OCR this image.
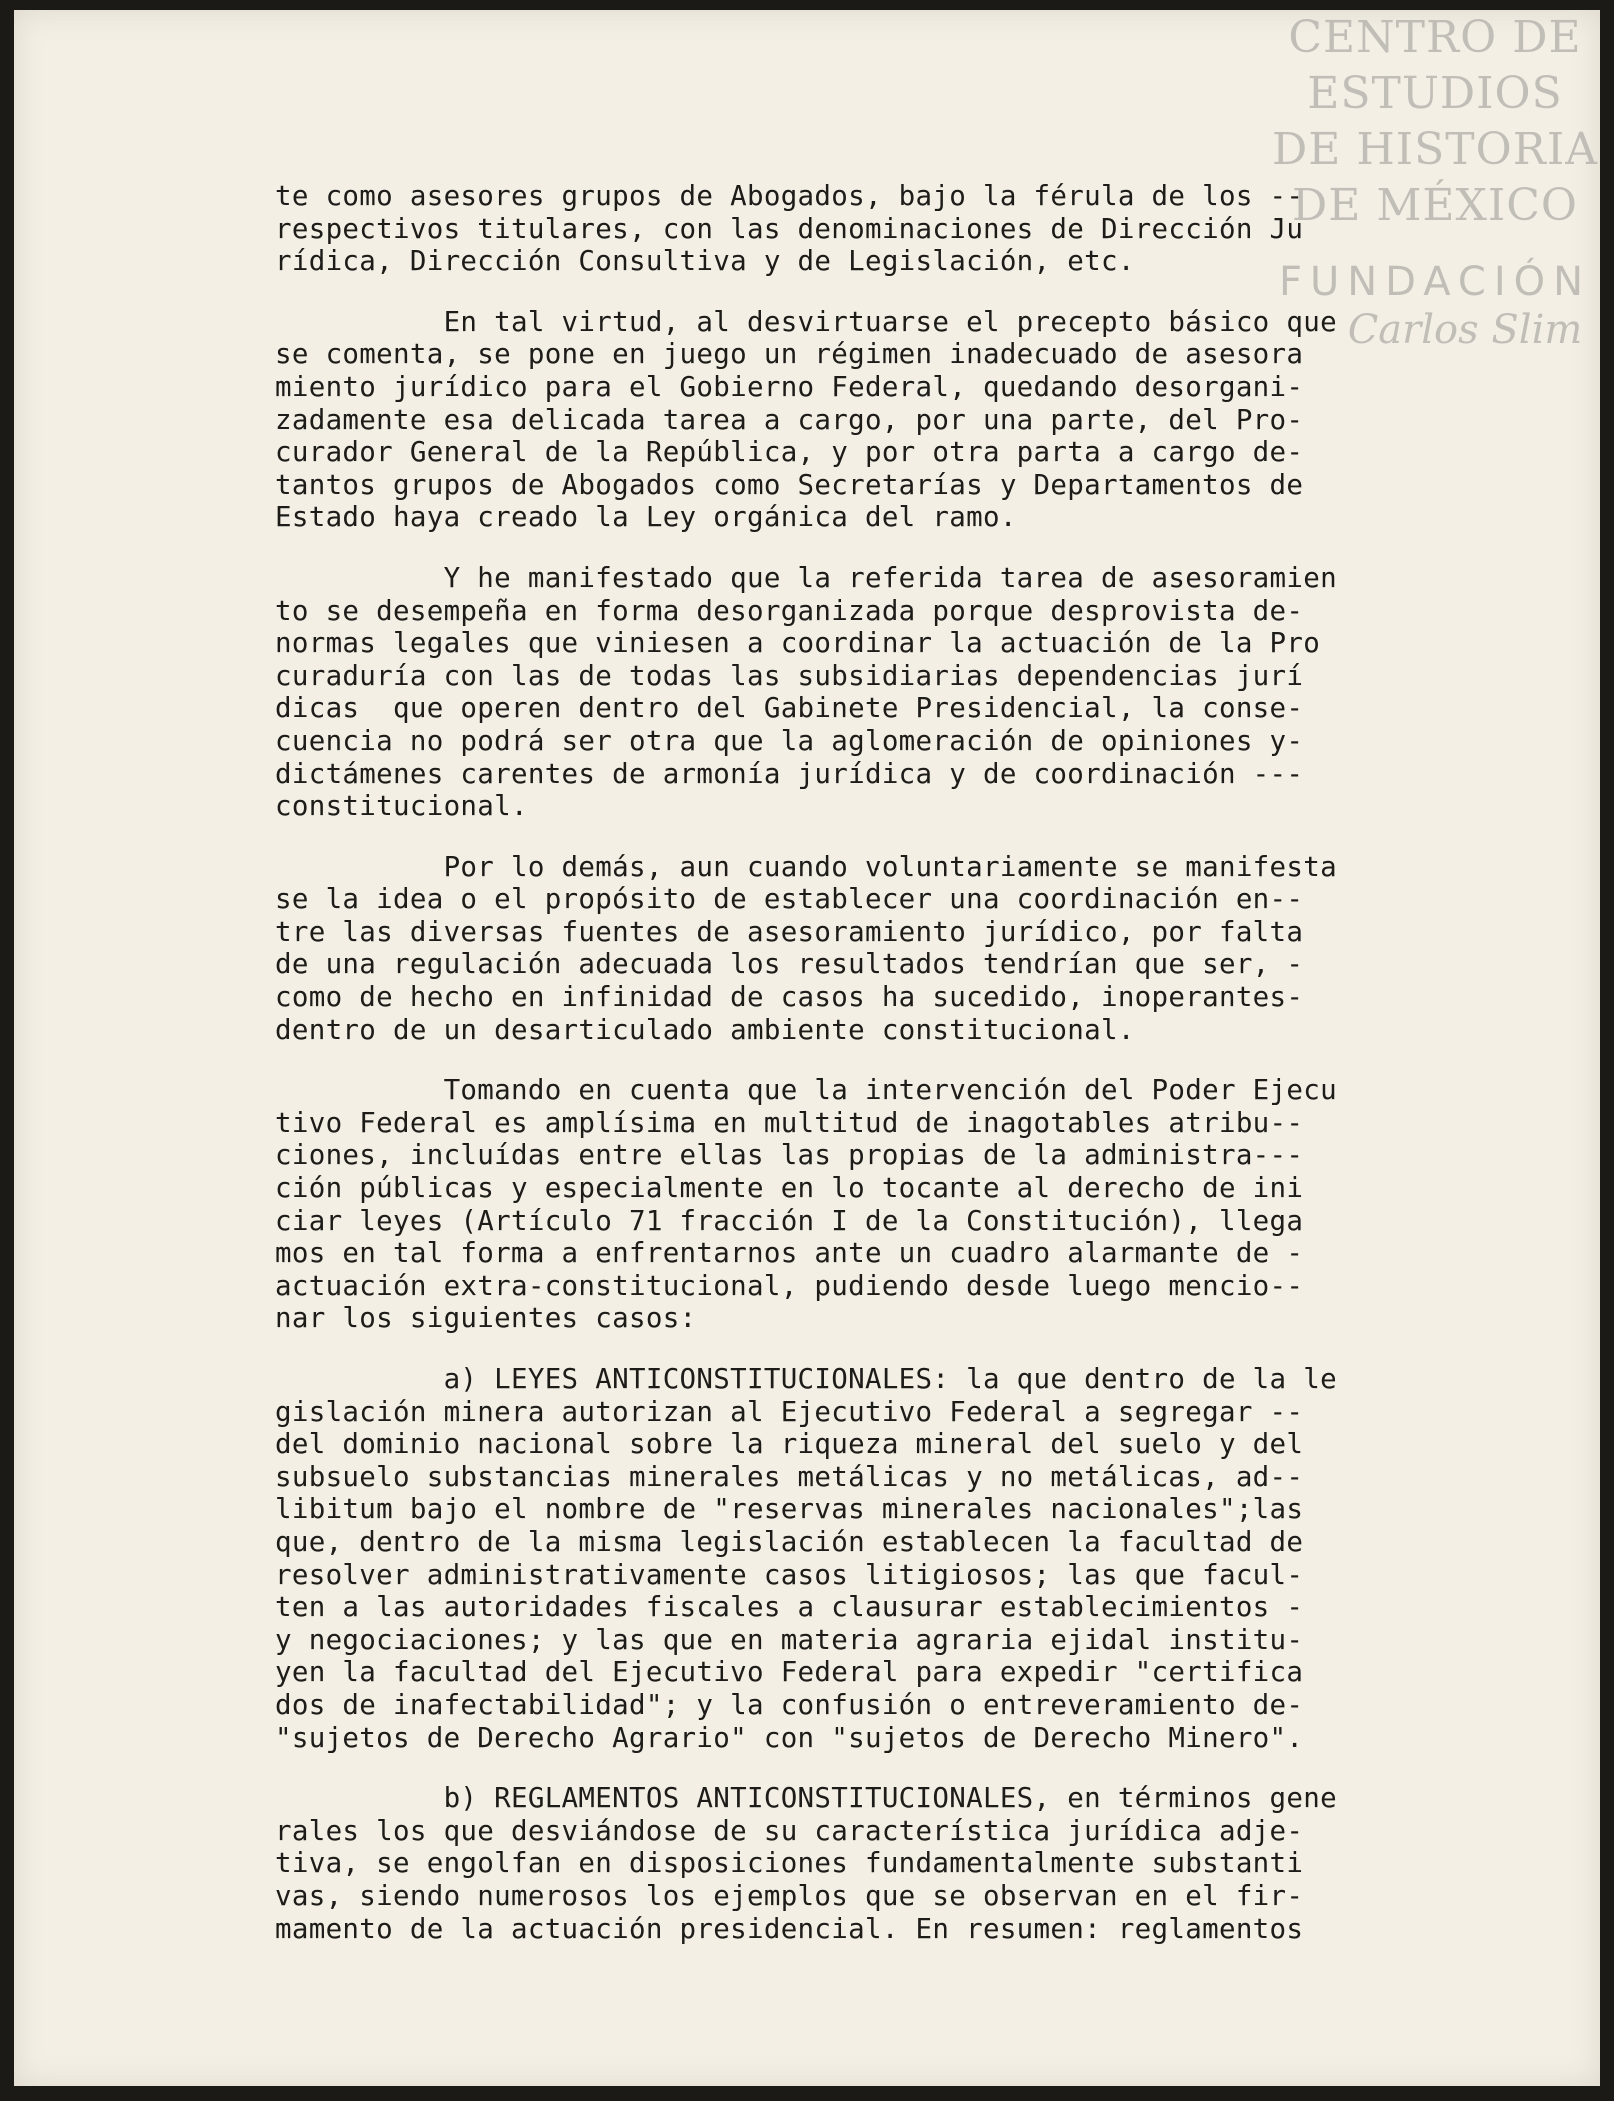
CENTRO DE
ESTUDIOS
DE HISTORIA
DE MÉXICO
FUNDACIÓN
Carlos Slim
te como asesores grupos de Abogados, bajo la férula de los --
respectivos titulares, con las denominaciones de Dirección Ju
rídica, Dirección Consultiva y de Legislación, etc.
En tal virtud, al desvirtuarse el precepto básico que
se comenta, se pone en juego un régimen inadecuado de asesora
miento jurídico para el Gobierno Federal, quedando desorgani-
zadamente esa delicada tarea a cargo, por una parte, del Pro-
curador General de la República, y por otra parta a cargo de-
tantos grupos de Abogados como Secretarías y Departamentos de
Estado haya creado la Ley orgánica del ramo.
Y he manifestado que la referida tarea de asesoramien
to se desempeña en forma desorganizada porque desprovista de-
normas legales que viniesen a coordinar la actuación de la Pro
curaduría con las de todas las subsidiarias dependencias jurí
dicas  que operen dentro del Gabinete Presidencial, la conse-
cuencia no podrá ser otra que la aglomeración de opiniones y-
dictámenes carentes de armonía jurídica y de coordinación ---
constitucional.
Por lo demás, aun cuando voluntariamente se manifesta
se la idea o el propósito de establecer una coordinación en--
tre las diversas fuentes de asesoramiento jurídico, por falta
de una regulación adecuada los resultados tendrían que ser, -
como de hecho en infinidad de casos ha sucedido, inoperantes-
dentro de un desarticulado ambiente constitucional.
Tomando en cuenta que la intervención del Poder Ejecu
tivo Federal es amplísima en multitud de inagotables atribu--
ciones, incluídas entre ellas las propias de la administra---
ción públicas y especialmente en lo tocante al derecho de ini
ciar leyes (Artículo 71 fracción I de la Constitución), llega
mos en tal forma a enfrentarnos ante un cuadro alarmante de -
actuación extra-constitucional, pudiendo desde luego mencio--
nar los siguientes casos:
a) LEYES ANTICONSTITUCIONALES: la que dentro de la le
gislación minera autorizan al Ejecutivo Federal a segregar --
del dominio nacional sobre la riqueza mineral del suelo y del
subsuelo substancias minerales metálicas y no metálicas, ad--
libitum bajo el nombre de "reservas minerales nacionales";las
que, dentro de la misma legislación establecen la facultad de
resolver administrativamente casos litigiosos; las que facul-
ten a las autoridades fiscales a clausurar establecimientos -
y negociaciones; y las que en materia agraria ejidal institu-
yen la facultad del Ejecutivo Federal para expedir "certifica
dos de inafectabilidad"; y la confusión o entreveramiento de-
"sujetos de Derecho Agrario" con "sujetos de Derecho Minero".
b) REGLAMENTOS ANTICONSTITUCIONALES, en términos gene
rales los que desviándose de su característica jurídica adje-
tiva, se engolfan en disposiciones fundamentalmente substanti
vas, siendo numerosos los ejemplos que se observan en el fir-
mamento de la actuación presidencial. En resumen: reglamentos
